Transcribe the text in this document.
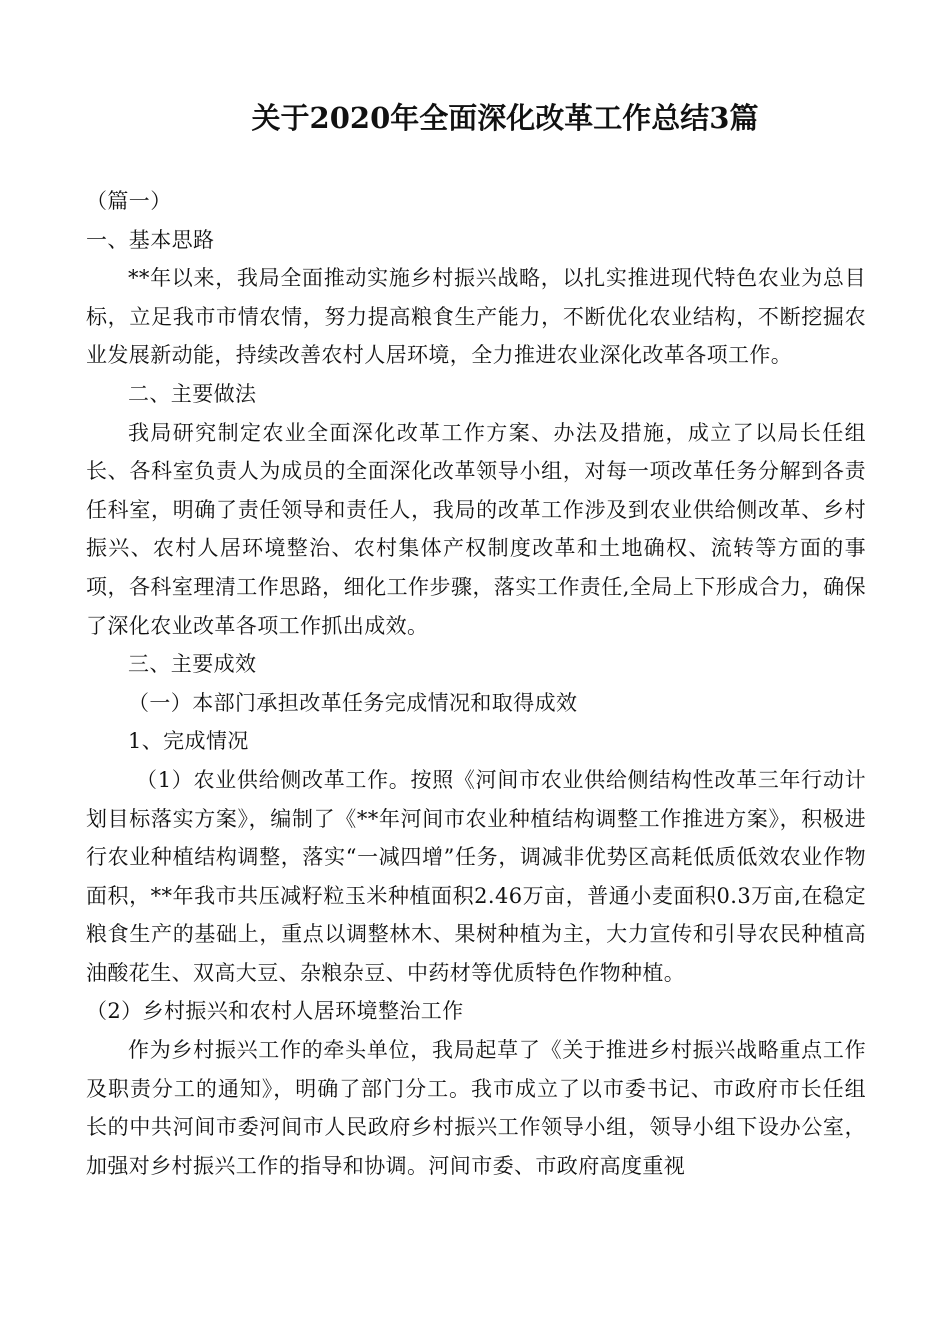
关于2020年全面深化改革工作总结3篇

（篇一）

一、基本思路

**年以来，我局全面推动实施乡村振兴战略，以扎实推进现代特色农业为总目标，立足我市市情农情，努力提高粮食生产能力，不断优化农业结构，不断挖掘农业发展新动能，持续改善农村人居环境，全力推进农业深化改革各项工作。

二、主要做法

我局研究制定农业全面深化改革工作方案、办法及措施，成立了以局长任组长、各科室负责人为成员的全面深化改革领导小组，对每一项改革任务分解到各责任科室，明确了责任领导和责任人，我局的改革工作涉及到农业供给侧改革、乡村振兴、农村人居环境整治、农村集体产权制度改革和土地确权、流转等方面的事项，各科室理清工作思路，细化工作步骤，落实工作责任,全局上下形成合力，确保了深化农业改革各项工作抓出成效。

三、主要成效

（一）本部门承担改革任务完成情况和取得成效

1、完成情况

（1）农业供给侧改革工作。按照《河间市农业供给侧结构性改革三年行动计划目标落实方案》，编制了《**年河间市农业种植结构调整工作推进方案》，积极进行农业种植结构调整，落实“一减四增”任务，调减非优势区高耗低质低效农业作物面积，**年我市共压减籽粒玉米种植面积2.46万亩，普通小麦面积0.3万亩,在稳定粮食生产的基础上，重点以调整林木、果树种植为主，大力宣传和引导农民种植高油酸花生、双高大豆、杂粮杂豆、中药材等优质特色作物种植。

（2）乡村振兴和农村人居环境整治工作

作为乡村振兴工作的牵头单位，我局起草了《关于推进乡村振兴战略重点工作及职责分工的通知》，明确了部门分工。我市成立了以市委书记、市政府市长任组长的中共河间市委河间市人民政府乡村振兴工作领导小组，领导小组下设办公室，加强对乡村振兴工作的指导和协调。河间市委、市政府高度重视
